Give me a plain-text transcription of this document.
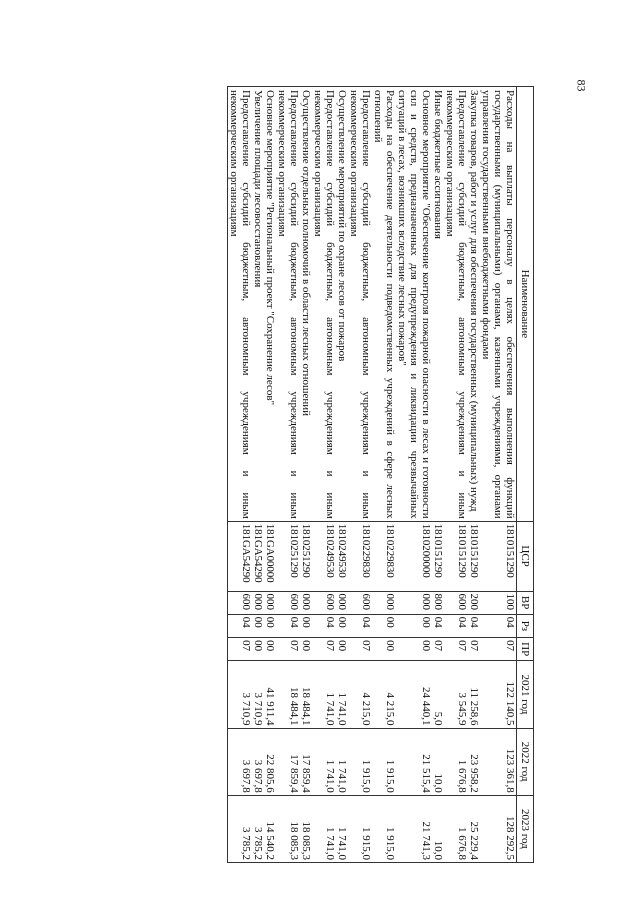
83
Наименование	ЦСР	ВР	Рз	ПР	2021 год	2022 год	2023 год
Расходы на выплаты персоналу в целях обеспечения выполнения функций государственными (муниципальными) органами, казенными учреждениями, органами управления государственными внебюджетными фондами	1810151290	100	04	07	122 140,5	123 361,8	128 292,5
Закупка товаров, работ и услуг для обеспечения государственных (муниципальных) нужд	1810151290	200	04	07	11 258,6	23 958,2	25 229,4
Предоставление субсидий бюджетным, автономным учреждениям и иным некоммерческим организациям	1810151290	600	04	07	3 545,9	1 676,8	1 676,8
Иные бюджетные ассигнования	1810151290	800	04	07	5,0	10,0	10,0
Основное мероприятие "Обеспечение контроля пожарной опасности в лесах и готовности сил и средств, предназначенных для предупреждения и ликвидации чрезвычайных ситуаций в лесах, возникших вследствие лесных пожаров"	1810200000	000	00	00	24 440,1	21 515,4	21 741,3
Расходы на обеспечение деятельности подведомственных учреждений в сфере лесных отношений	1810229830	000	00	00	4 215,0	1 915,0	1 915,0
Предоставление субсидий бюджетным, автономным учреждениям и иным некоммерческим организациям	1810229830	600	04	07	4 215,0	1 915,0	1 915,0
Осуществление мероприятий по охране лесов от пожаров	1810249530	000	00	00	1 741,0	1 741,0	1 741,0
Предоставление субсидий бюджетным, автономным учреждениям и иным некоммерческим организациям	1810249530	600	04	07	1 741,0	1 741,0	1 741,0
Осуществление отдельных полномочий в области лесных отношений	1810251290	000	00	00	18 484,1	17 859,4	18 085,3
Предоставление субсидий бюджетным, автономным учреждениям и иным некоммерческим организациям	1810251290	600	04	07	18 484,1	17 859,4	18 085,3
Основное мероприятие "Региональный проект "Сохранение лесов"	181GA00000	000	00	00	41 911,4	22 805,6	14 540,2
Увеличение площади лесовосстановления	181GA54290	000	00	00	3 710,9	3 697,8	3 785,2
Предоставление субсидий бюджетным, автономным учреждениям и иным некоммерческим организациям	181GA54290	600	04	07	3 710,9	3 697,8	3 785,2
